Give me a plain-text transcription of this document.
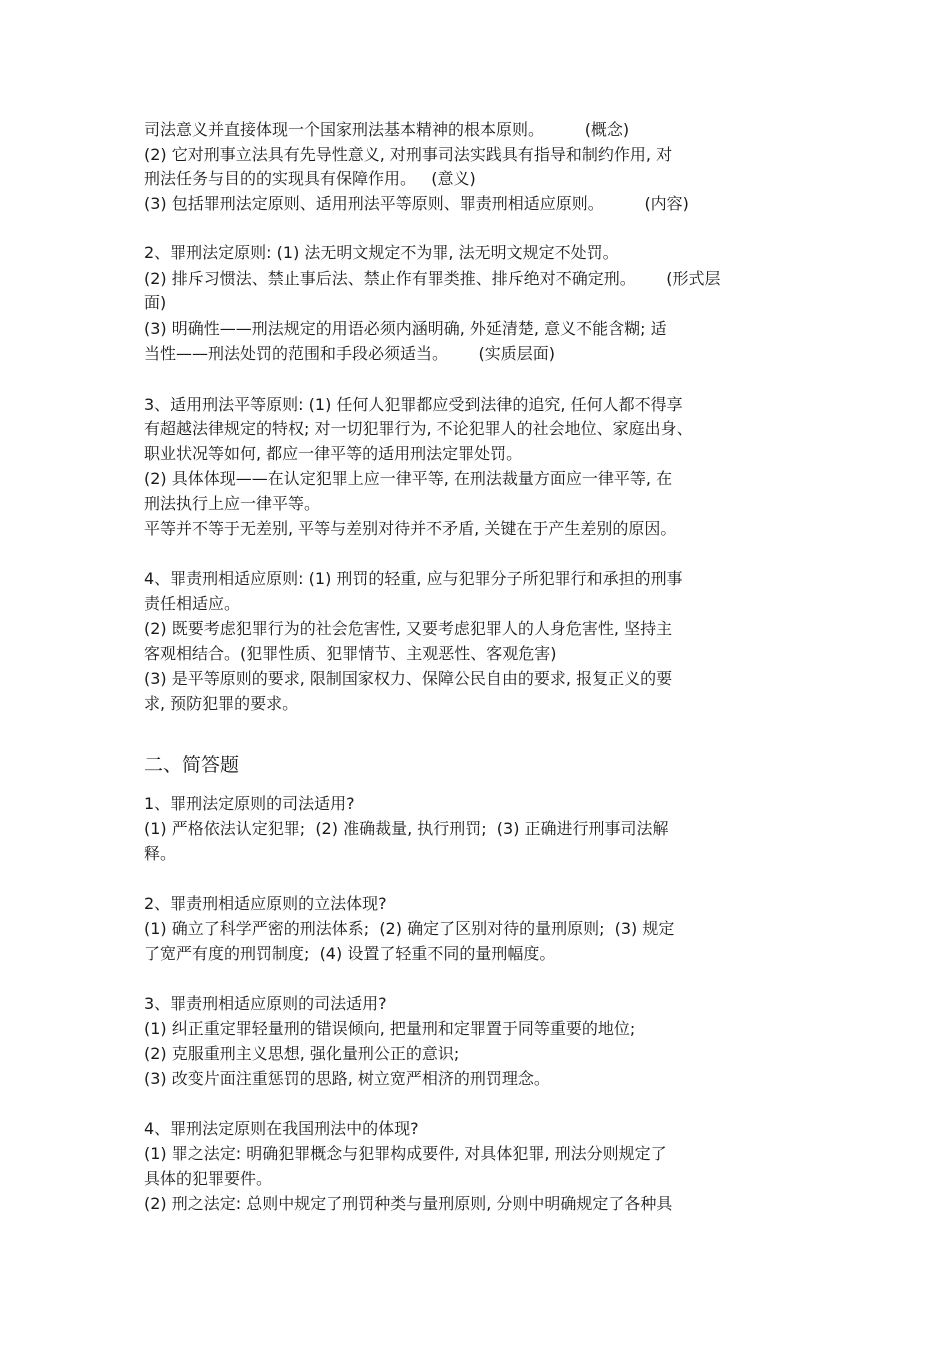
司法意义并直接体现一个国家刑法基本精神的根本原则。        (概念)
(2) 它对刑事立法具有先导性意义, 对刑事司法实践具有指导和制约作用, 对
刑法任务与目的的实现具有保障作用。   (意义)
(3) 包括罪刑法定原则、适用刑法平等原则、罪责刑相适应原则。        (内容)
2、罪刑法定原则: (1) 法无明文规定不为罪, 法无明文规定不处罚。
(2) 排斥习惯法、禁止事后法、禁止作有罪类推、排斥绝对不确定刑。      (形式层
面)
(3) 明确性——刑法规定的用语必须内涵明确, 外延清楚, 意义不能含糊; 适
当性——刑法处罚的范围和手段必须适当。      (实质层面)
3、适用刑法平等原则: (1) 任何人犯罪都应受到法律的追究, 任何人都不得享
有超越法律规定的特权; 对一切犯罪行为, 不论犯罪人的社会地位、家庭出身、
职业状况等如何, 都应一律平等的适用刑法定罪处罚。
(2) 具体体现——在认定犯罪上应一律平等, 在刑法裁量方面应一律平等, 在
刑法执行上应一律平等。
平等并不等于无差别, 平等与差别对待并不矛盾, 关键在于产生差别的原因。
4、罪责刑相适应原则: (1) 刑罚的轻重, 应与犯罪分子所犯罪行和承担的刑事
责任相适应。
(2) 既要考虑犯罪行为的社会危害性, 又要考虑犯罪人的人身危害性, 坚持主
客观相结合。(犯罪性质、犯罪情节、主观恶性、客观危害)
(3) 是平等原则的要求, 限制国家权力、保障公民自由的要求, 报复正义的要
求, 预防犯罪的要求。
二、简答题
1、罪刑法定原则的司法适用?
(1) 严格依法认定犯罪;  (2) 准确裁量, 执行刑罚;  (3) 正确进行刑事司法解
释。
2、罪责刑相适应原则的立法体现?
(1) 确立了科学严密的刑法体系;  (2) 确定了区别对待的量刑原则;  (3) 规定
了宽严有度的刑罚制度;  (4) 设置了轻重不同的量刑幅度。
3、罪责刑相适应原则的司法适用?
(1) 纠正重定罪轻量刑的错误倾向, 把量刑和定罪置于同等重要的地位;
(2) 克服重刑主义思想, 强化量刑公正的意识;
(3) 改变片面注重惩罚的思路, 树立宽严相济的刑罚理念。
4、罪刑法定原则在我国刑法中的体现?
(1) 罪之法定: 明确犯罪概念与犯罪构成要件, 对具体犯罪, 刑法分则规定了
具体的犯罪要件。
(2) 刑之法定: 总则中规定了刑罚种类与量刑原则, 分则中明确规定了各种具
